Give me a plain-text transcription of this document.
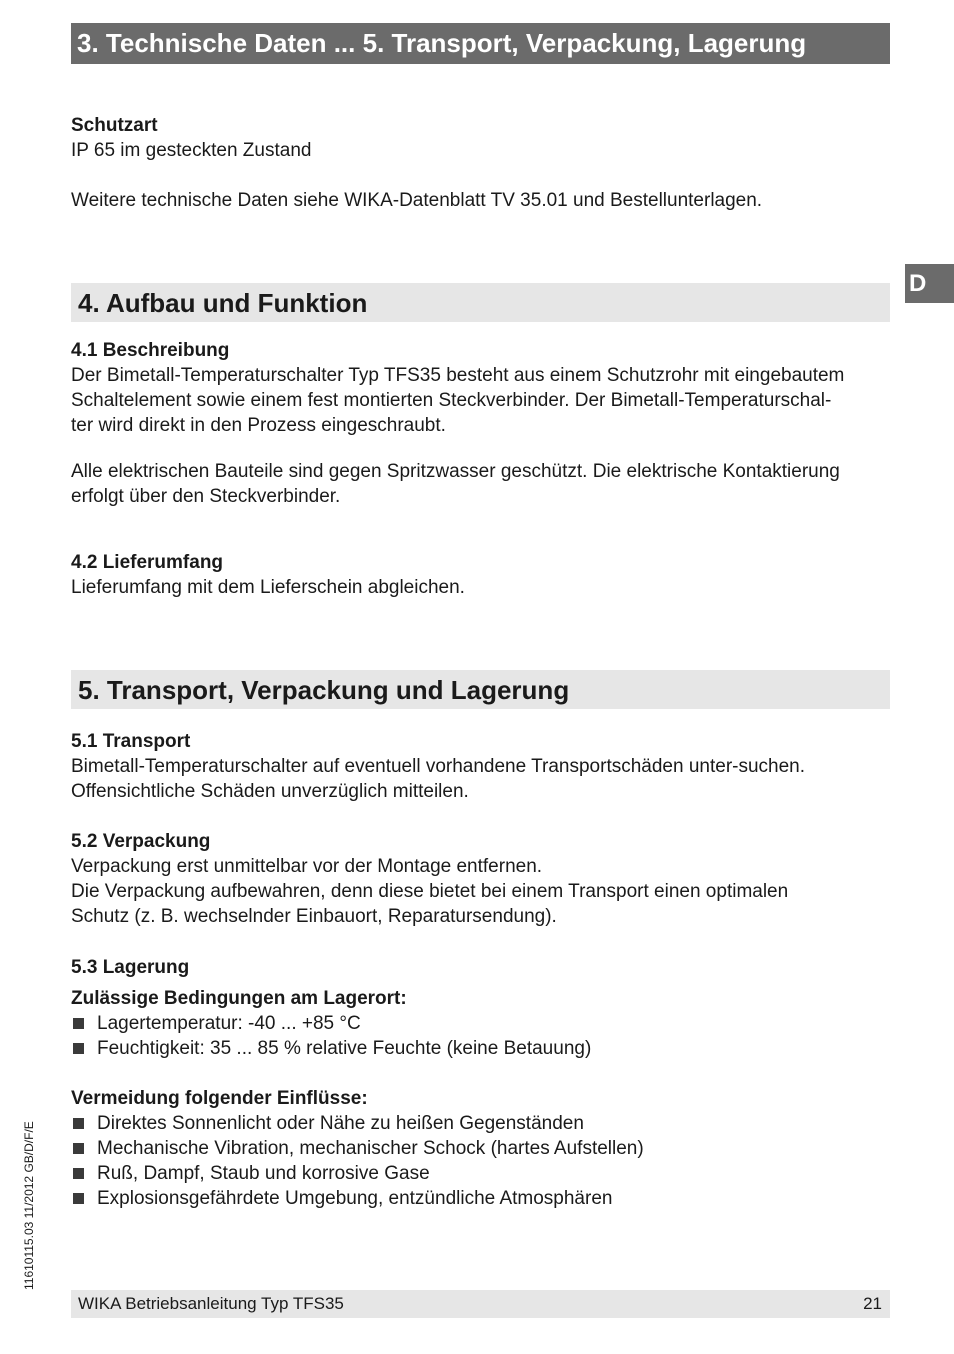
3. Technische Daten ... 5. Transport, Verpackung, Lagerung
D
Schutzart
IP 65 im gesteckten Zustand
Weitere technische Daten siehe WIKA-Datenblatt TV 35.01 und Bestellunterlagen.
4. Aufbau und Funktion
4.1 Beschreibung
Der Bimetall-Temperaturschalter Typ TFS35 besteht aus einem Schutzrohr mit eingebautem
Schaltelement sowie einem fest montierten Steckverbinder. Der Bimetall-Temperaturschal-
ter wird direkt in den Prozess eingeschraubt.
Alle elektrischen Bauteile sind gegen Spritzwasser geschützt. Die elektrische Kontaktierung
erfolgt über den Steckverbinder.
4.2 Lieferumfang
Lieferumfang mit dem Lieferschein abgleichen.
5. Transport, Verpackung und Lagerung
5.1 Transport
Bimetall-Temperaturschalter auf eventuell vorhandene Transportschäden unter-suchen.
Offensichtliche Schäden unverzüglich mitteilen.
5.2 Verpackung
Verpackung erst unmittelbar vor der Montage entfernen.
Die Verpackung aufbewahren, denn diese bietet bei einem Transport einen optimalen
Schutz (z. B. wechselnder Einbauort, Reparatursendung).
5.3 Lagerung
Zulässige Bedingungen am Lagerort:
Lagertemperatur: -40 ... +85 °C
Feuchtigkeit: 35 ... 85 % relative Feuchte (keine Betauung)
Vermeidung folgender Einflüsse:
Direktes Sonnenlicht oder Nähe zu heißen Gegenständen
Mechanische Vibration, mechanischer Schock (hartes Aufstellen)
Ruß, Dampf, Staub und korrosive Gase
Explosionsgefährdete Umgebung, entzündliche Atmosphären
11610115.03 11/2012 GB/D/F/E
WIKA Betriebsanleitung Typ TFS35	21
